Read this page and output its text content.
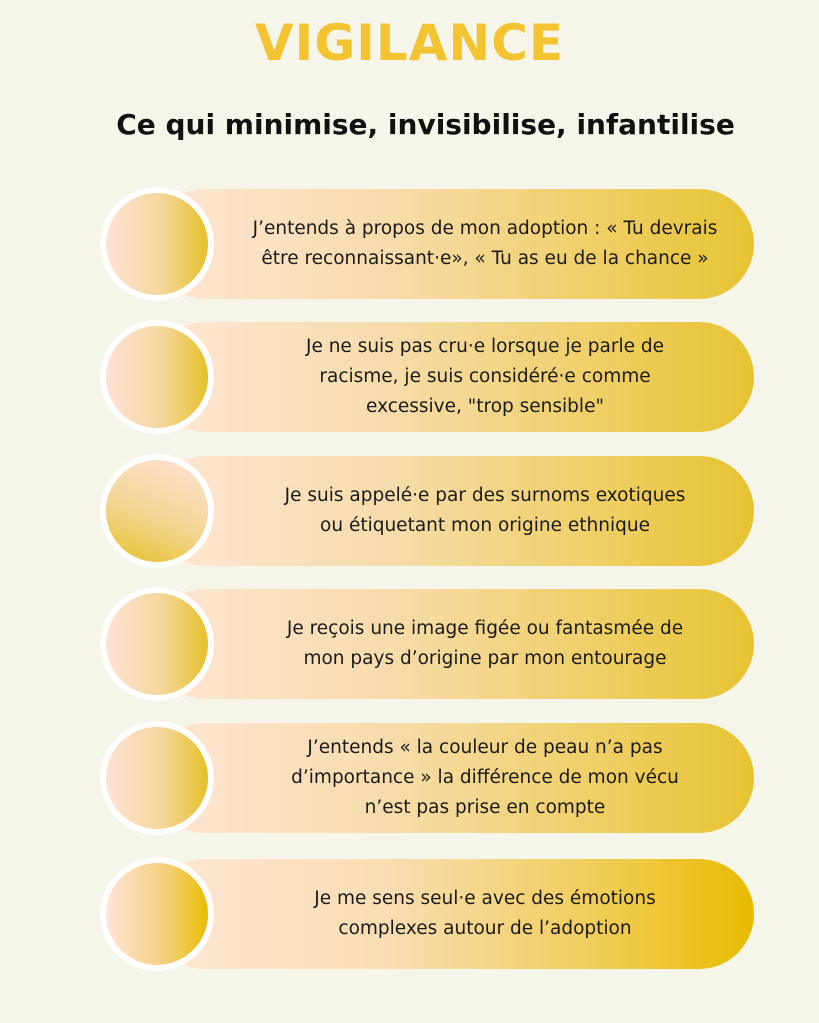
VIGILANCE
Ce qui minimise, invisibilise, infantilise
J’entends à propos de mon adoption : « Tu devrais
être reconnaissant·e», « Tu as eu de la chance »
Je ne suis pas cru·e lorsque je parle de
racisme, je suis considéré·e comme
excessive, "trop sensible"
Je suis appelé·e par des surnoms exotiques
ou étiquetant mon origine ethnique
Je reçois une image figée ou fantasmée de
mon pays d’origine par mon entourage
J’entends « la couleur de peau n’a pas
d’importance » la différence de mon vécu
n’est pas prise en compte
Je me sens seul·e avec des émotions
complexes autour de l’adoption
